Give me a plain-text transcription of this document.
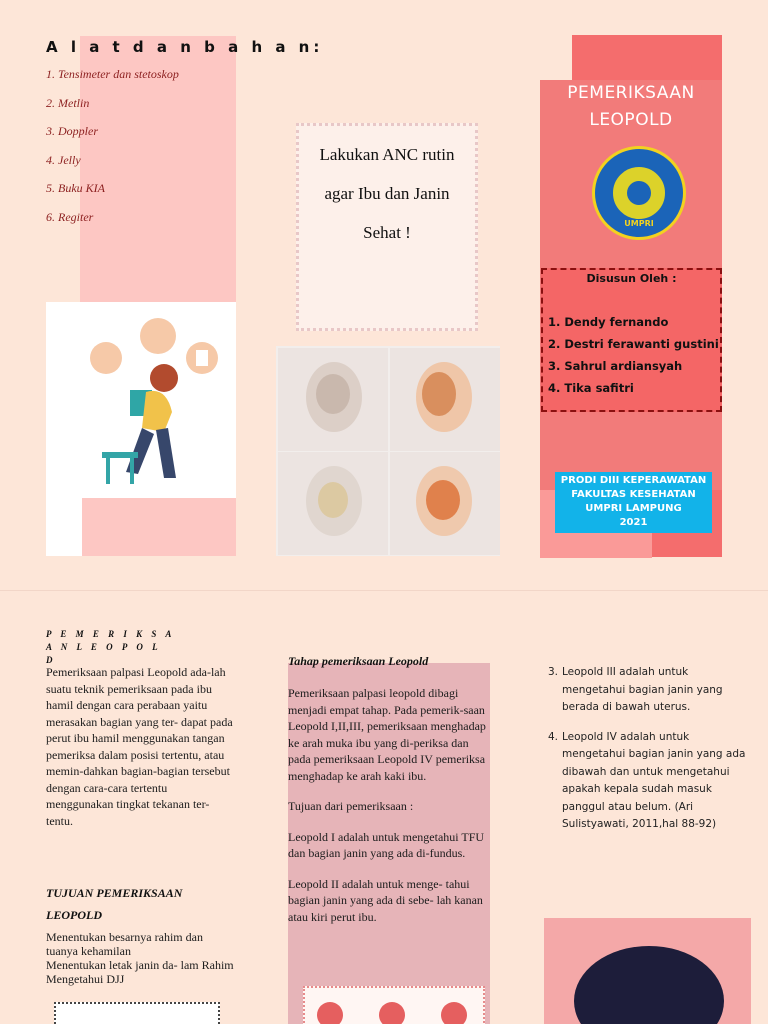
A l a t d a n b a h a n:
1. Tensimeter dan stetoskop
2. Metlin
3. Doppler
4. Jelly
5. Buku KIA
6. Regiter
Lakukan ANC rutin
agar Ibu dan Janin
Sehat !
PEMERIKSAAN
LEOPOLD
UMPRI
Disusun Oleh :
1. Dendy fernando
2. Destri ferawanti gustini
3. Sahrul ardiansyah
4. Tika safitri
PRODI DIII KEPERAWATAN
FAKULTAS KESEHATAN
UMPRI LAMPUNG
2021
P E M E R I K S A A N L E O P O L D
Pemeriksaan palpasi Leopold ada-lah suatu teknik pemeriksaan pada ibu hamil dengan cara perabaan yaitu merasakan bagian yang ter- dapat pada perut ibu hamil menggunakan tangan pemeriksa dalam posisi tertentu, atau memin-dahkan bagian-bagian tersebut dengan cara-cara tertentu menggunakan tingkat tekanan ter-tentu.
TUJUAN PEMERIKSAAN LEOPOLD
Menentukan besarnya rahim dan tuanya kehamilan
Menentukan letak janin da- lam Rahim
Mengetahui DJJ
Tahap pemeriksaan Leopold

Pemeriksaan palpasi leopold dibagi menjadi empat tahap. Pada pemerik-saan Leopold I,II,III, pemeriksaan menghadap ke arah muka ibu yang di-periksa dan pada pemeriksaan Leopold IV pemeriksa menghadap ke arah kaki ibu.

Tujuan dari pemeriksaan :

Leopold I adalah untuk mengetahui TFU dan bagian janin yang ada di-fundus.

Leopold II adalah untuk menge- tahui bagian janin yang ada di sebe- lah kanan atau kiri perut ibu.

3. Leopold III adalah untuk mengetahui bagian janin yang berada di bawah uterus.
4. Leopold IV adalah untuk mengetahui bagian janin yang ada dibawah dan untuk mengetahui apakah kepala sudah masuk panggul atau belum. (Ari Sulistyawati, 2011,hal 88-92)
